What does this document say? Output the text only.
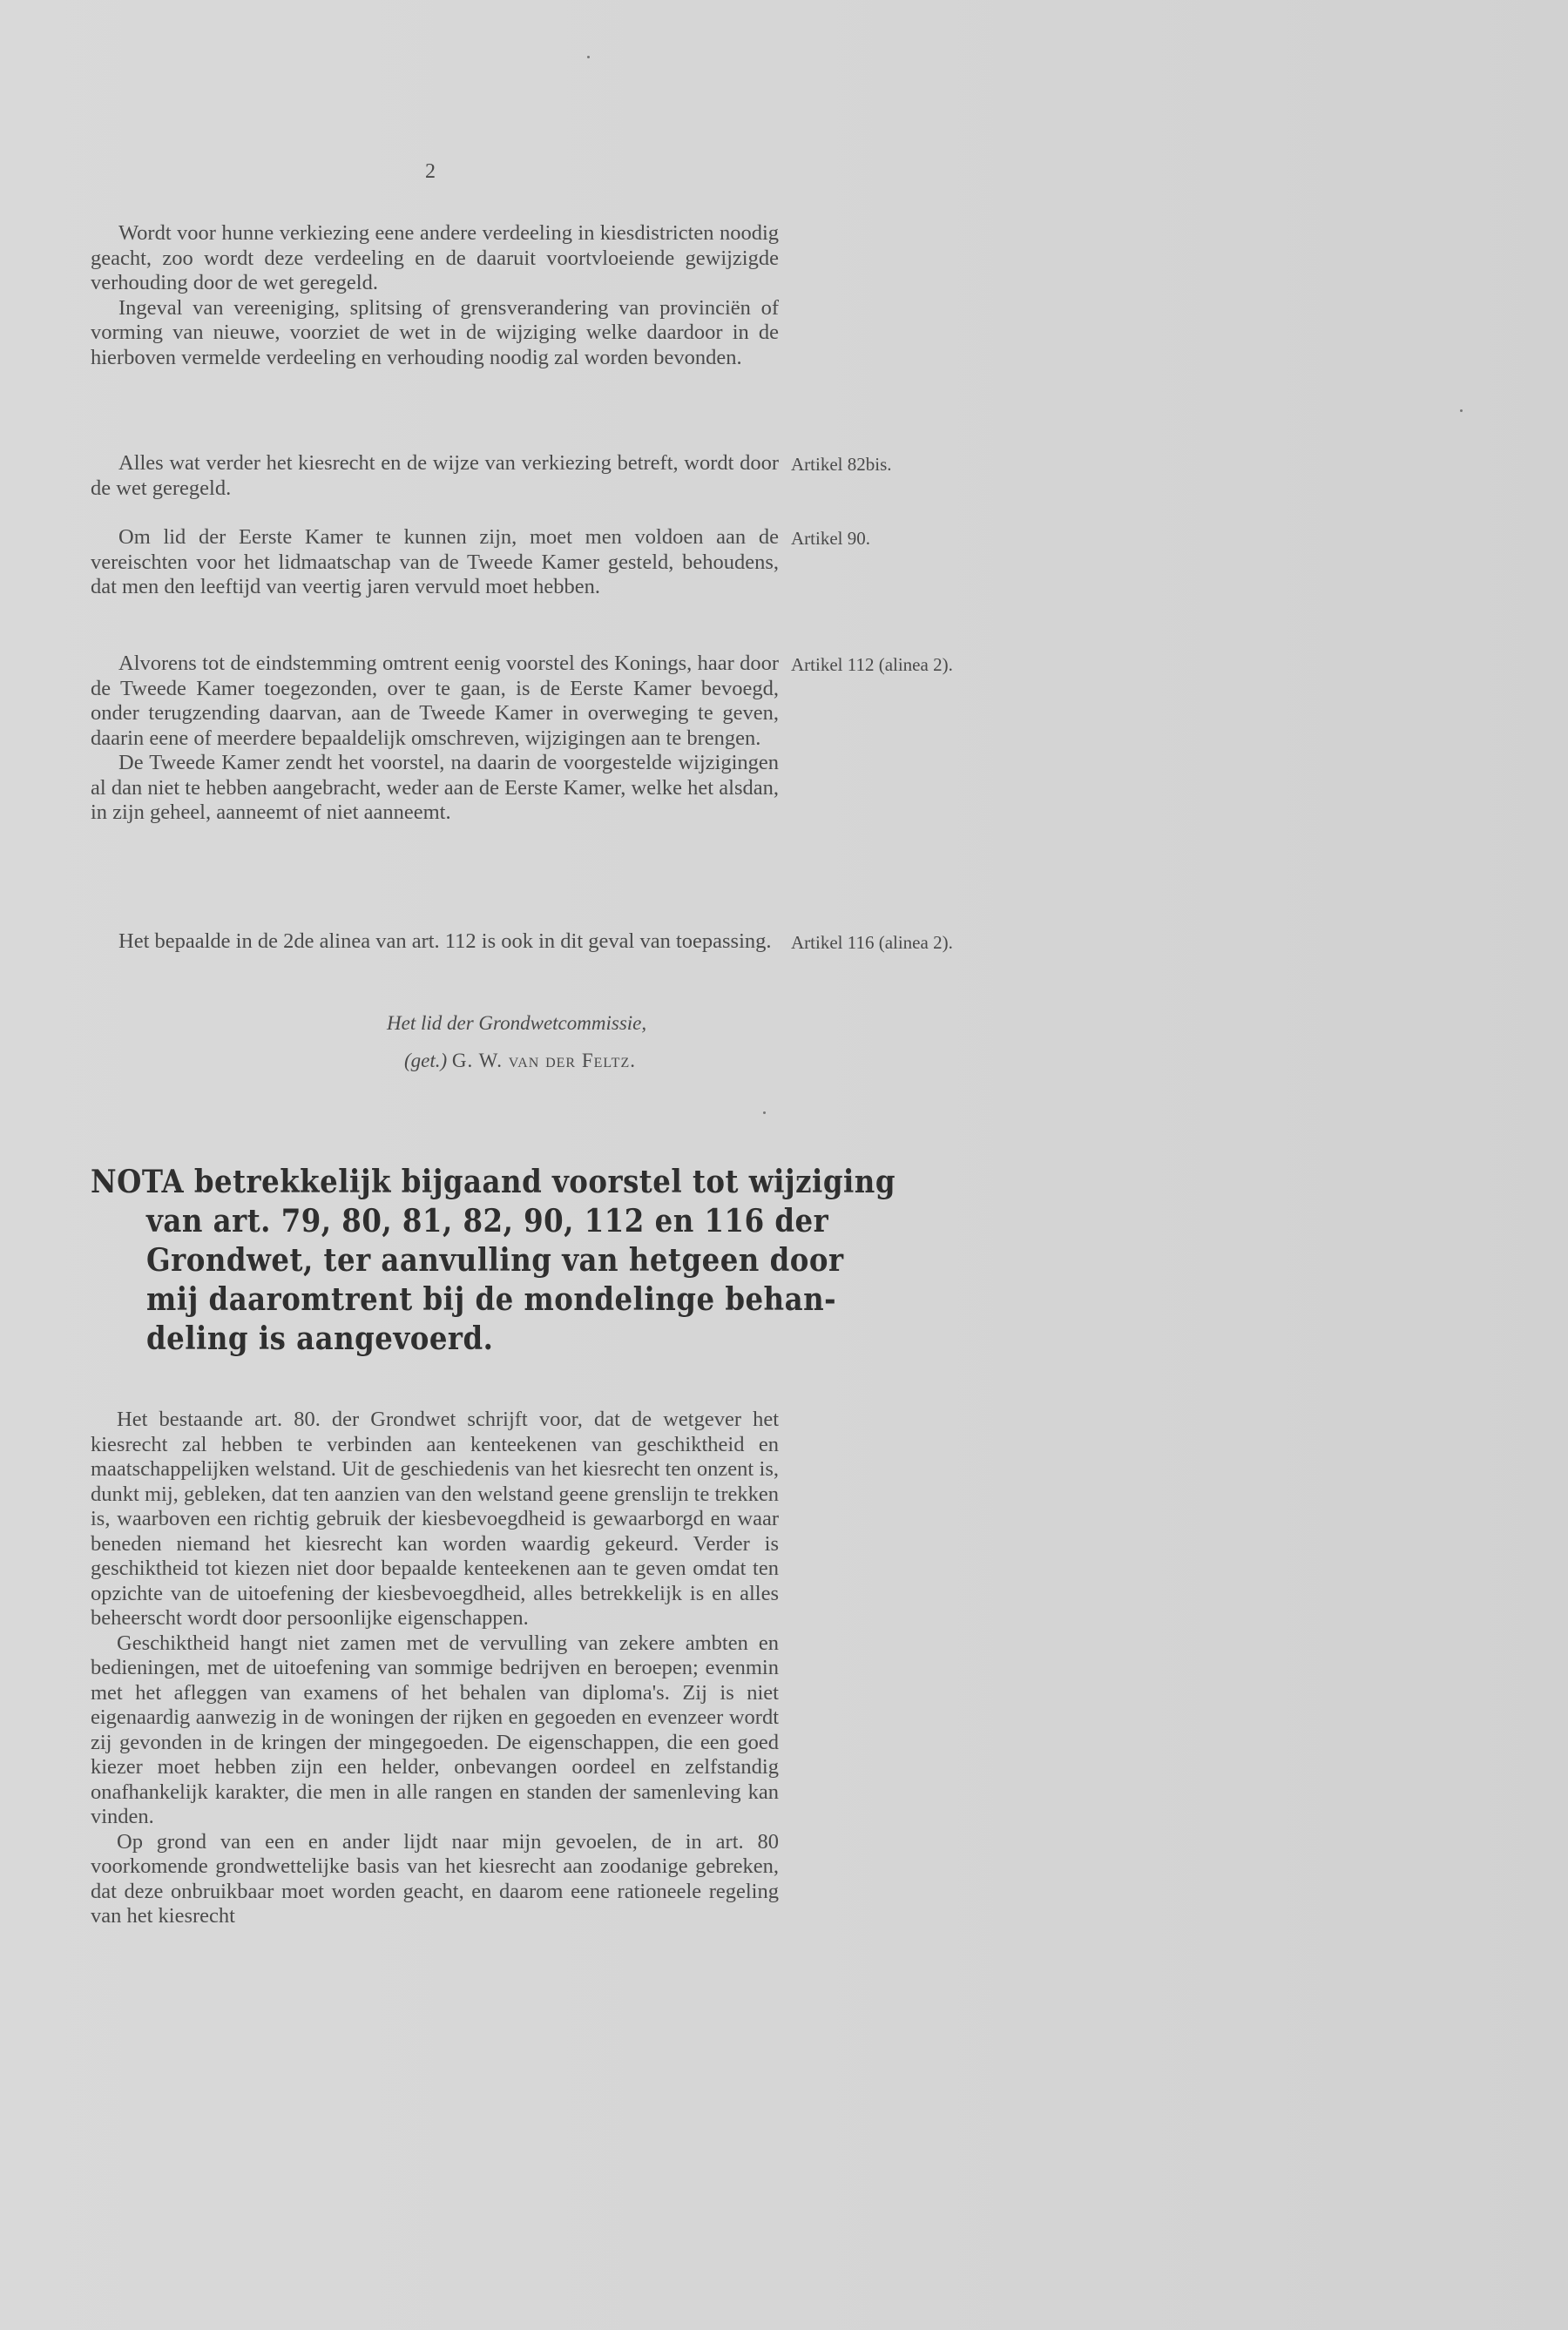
2

Wordt voor hunne verkiezing eene andere verdeeling in kiesdistricten noodig geacht, zoo wordt deze verdeeling en de daaruit voortvloeiende gewijzigde verhouding door de wet geregeld.

Ingeval van vereeniging, splitsing of grensverandering van provinciën of vorming van nieuwe, voorziet de wet in de wijziging welke daardoor in de hierboven vermelde verdeeling en verhouding noodig zal worden bevonden.

Alles wat verder het kiesrecht en de wijze van verkiezing betreft, wordt door de wet geregeld.

Artikel 82bis.

Om lid der Eerste Kamer te kunnen zijn, moet men voldoen aan de vereischten voor het lidmaatschap van de Tweede Kamer gesteld, behoudens, dat men den leeftijd van veertig jaren vervuld moet hebben.

Artikel 90.

Alvorens tot de eindstemming omtrent eenig voorstel des Konings, haar door de Tweede Kamer toegezonden, over te gaan, is de Eerste Kamer bevoegd, onder terugzending daarvan, aan de Tweede Kamer in overweging te geven, daarin eene of meerdere bepaaldelijk omschreven, wijzigingen aan te brengen.

De Tweede Kamer zendt het voorstel, na daarin de voorgestelde wijzigingen al dan niet te hebben aangebracht, weder aan de Eerste Kamer, welke het alsdan, in zijn geheel, aanneemt of niet aanneemt.

Artikel 112 (alinea 2).

Het bepaalde in de 2de alinea van art. 112 is ook in dit geval van toepassing.	Artikel 116 (alinea 2).
Het lid der Grondwetcommissie,
(get.) G. W. van der Feltz.
NOTA betrekkelijk bijgaand voorstel tot wijziging
van art. 79, 80, 81, 82, 90, 112 en 116 der
Grondwet, ter aanvulling van hetgeen door
mij daaromtrent bij de mondelinge behan-
deling is aangevoerd.

Het bestaande art. 80. der Grondwet schrijft voor, dat de wetgever het kiesrecht zal hebben te verbinden aan kenteekenen van geschiktheid en maatschappelijken welstand. Uit de geschiedenis van het kiesrecht ten onzent is, dunkt mij, gebleken, dat ten aanzien van den welstand geene grenslijn te trekken is, waarboven een richtig gebruik der kiesbevoegdheid is gewaarborgd en waar beneden niemand het kiesrecht kan worden waardig gekeurd. Verder is geschiktheid tot kiezen niet door bepaalde kenteekenen aan te geven omdat ten opzichte van de uitoefening der kiesbevoegdheid, alles betrekkelijk is en alles beheerscht wordt door persoonlijke eigenschappen.

Geschiktheid hangt niet zamen met de vervulling van zekere ambten en bedieningen, met de uitoefening van sommige bedrijven en beroepen; evenmin met het afleggen van examens of het behalen van diploma's. Zij is niet eigenaardig aanwezig in de woningen der rijken en gegoeden en evenzeer wordt zij gevonden in de kringen der mingegoeden. De eigenschappen, die een goed kiezer moet hebben zijn een helder, onbevangen oordeel en zelfstandig onafhankelijk karakter, die men in alle rangen en standen der samenleving kan vinden.

Op grond van een en ander lijdt naar mijn gevoelen, de in art. 80 voorkomende grondwettelijke basis van het kiesrecht aan zoodanige gebreken, dat deze onbruikbaar moet worden geacht, en daarom eene rationeele regeling van het kiesrecht
